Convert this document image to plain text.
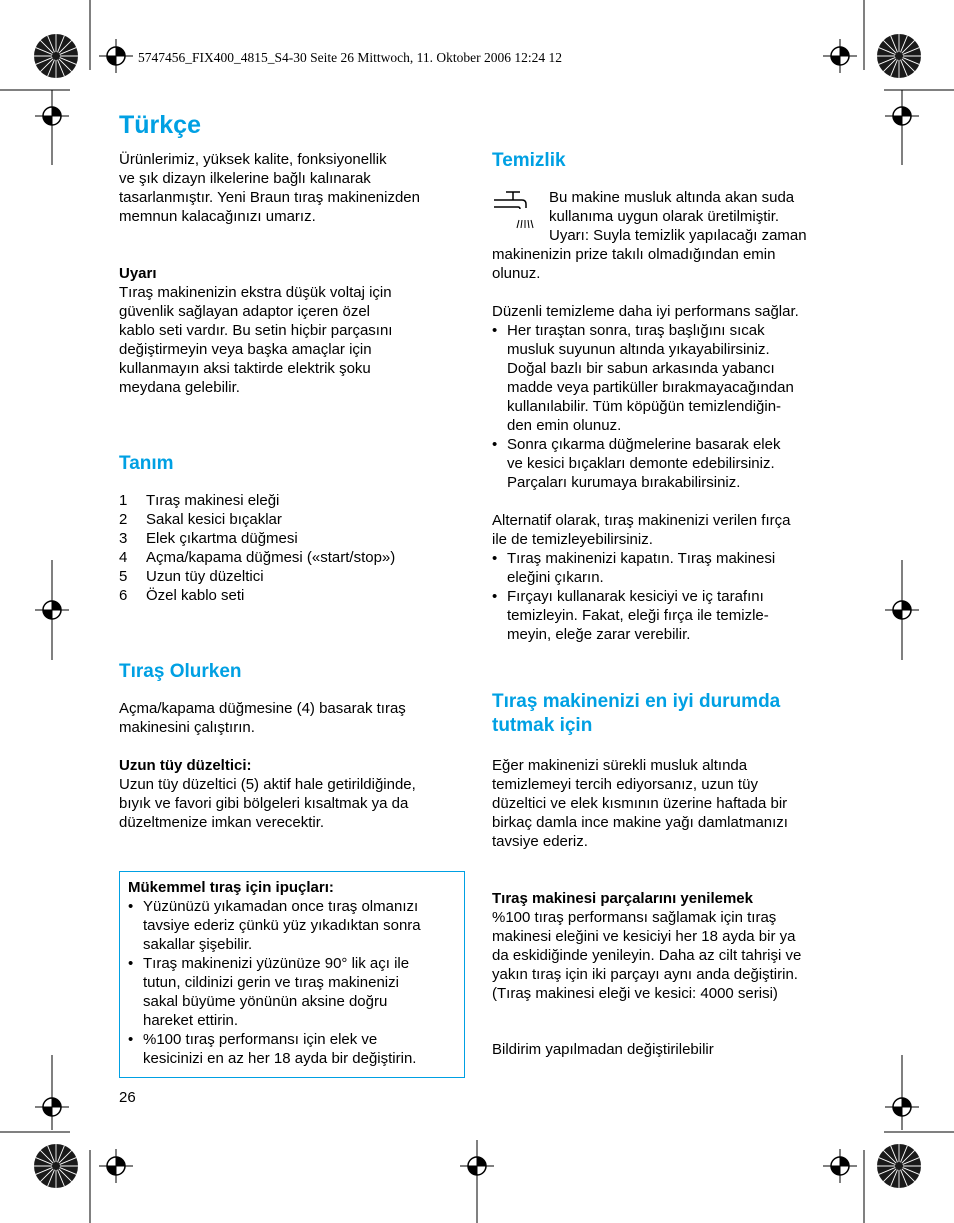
5747456_FIX400_4815_S4-30 Seite 26 Mittwoch, 11. Oktober 2006 12:24 12
Türkçe
Ürünlerimiz, yüksek kalite, fonksiyonellik
ve şık dizayn ilkelerine bağlı kalınarak
tasarlanmıştır. Yeni Braun tıraş makinenizden
memnun kalacağınızı umarız.
Uyarı
Tıraş makinenizin ekstra düşük voltaj için
güvenlik sağlayan adaptor içeren özel
kablo seti vardır. Bu setin hiçbir parçasını
değiştirmeyin veya başka amaçlar için
kullanmayın aksi taktirde elektrik şoku
meydana gelebilir.
Tanım
1	Tıraş makinesi eleği
2	Sakal kesici bıçaklar
3	Elek çıkartma düğmesi
4	Açma/kapama düğmesi («start/stop»)
5	Uzun tüy düzeltici
6	Özel kablo seti
Tıraş Olurken
Açma/kapama düğmesine (4) basarak tıraş
makinesini çalıştırın.
Uzun tüy düzeltici:
Uzun tüy düzeltici (5) aktif hale getirildiğinde,
bıyık ve favori gibi bölgeleri kısaltmak ya da
düzeltmenize imkan verecektir.
Mükemmel tıraş için ipuçları:
• Yüzünüzü yıkamadan once tıraş olmanızı
tavsiye ederiz çünkü yüz yıkadıktan sonra
sakallar şişebilir.
• Tıraş makinenizi yüzünüze 90° lik açı ile
tutun, cildinizi gerin ve tıraş makinenizi
sakal büyüme yönünün aksine doğru
hareket ettirin.
• %100 tıraş performansı için elek ve
kesicinizi en az her 18 ayda bir değiştirin.
26
Temizlik
Bu makine musluk altında akan suda
kullanıma uygun olarak üretilmiştir.
Uyarı: Suyla temizlik yapılacağı zaman
makinenizin prize takılı olmadığından emin
olunuz.
Düzenli temizleme daha iyi performans sağlar.
• Her tıraştan sonra, tıraş başlığını sıcak
musluk suyunun altında yıkayabilirsiniz.
Doğal bazlı bir sabun arkasında yabancı
madde veya partiküller bırakmayacağından
kullanılabilir. Tüm köpüğün temizlendiğin-
den emin olunuz.
• Sonra çıkarma düğmelerine basarak elek
ve kesici bıçakları demonte edebilirsiniz.
Parçaları kurumaya bırakabilirsiniz.
Alternatif olarak, tıraş makinenizi verilen fırça
ile de temizleyebilirsiniz.
• Tıraş makinenizi kapatın. Tıraş makinesi
eleğini çıkarın.
• Fırçayı kullanarak kesiciyi ve iç tarafını
temizleyin. Fakat, eleği fırça ile temizle-
meyin, eleğe zarar verebilir.
Tıraş makinenizi en iyi durumda
tutmak için
Eğer makinenizi sürekli musluk altında
temizlemeyi tercih ediyorsanız, uzun tüy
düzeltici ve elek kısmının üzerine haftada bir
birkaç damla ince makine yağı damlatmanızı
tavsiye ederiz.
Tıraş makinesi parçalarını yenilemek
%100 tıraş performansı sağlamak için tıraş
makinesi eleğini ve kesiciyi her 18 ayda bir ya
da eskidiğinde yenileyin. Daha az cilt tahrişi ve
yakın tıraş için iki parçayı aynı anda değiştirin.
(Tıraş makinesi eleği ve kesici: 4000 serisi)
Bildirim yapılmadan değiştirilebilir
